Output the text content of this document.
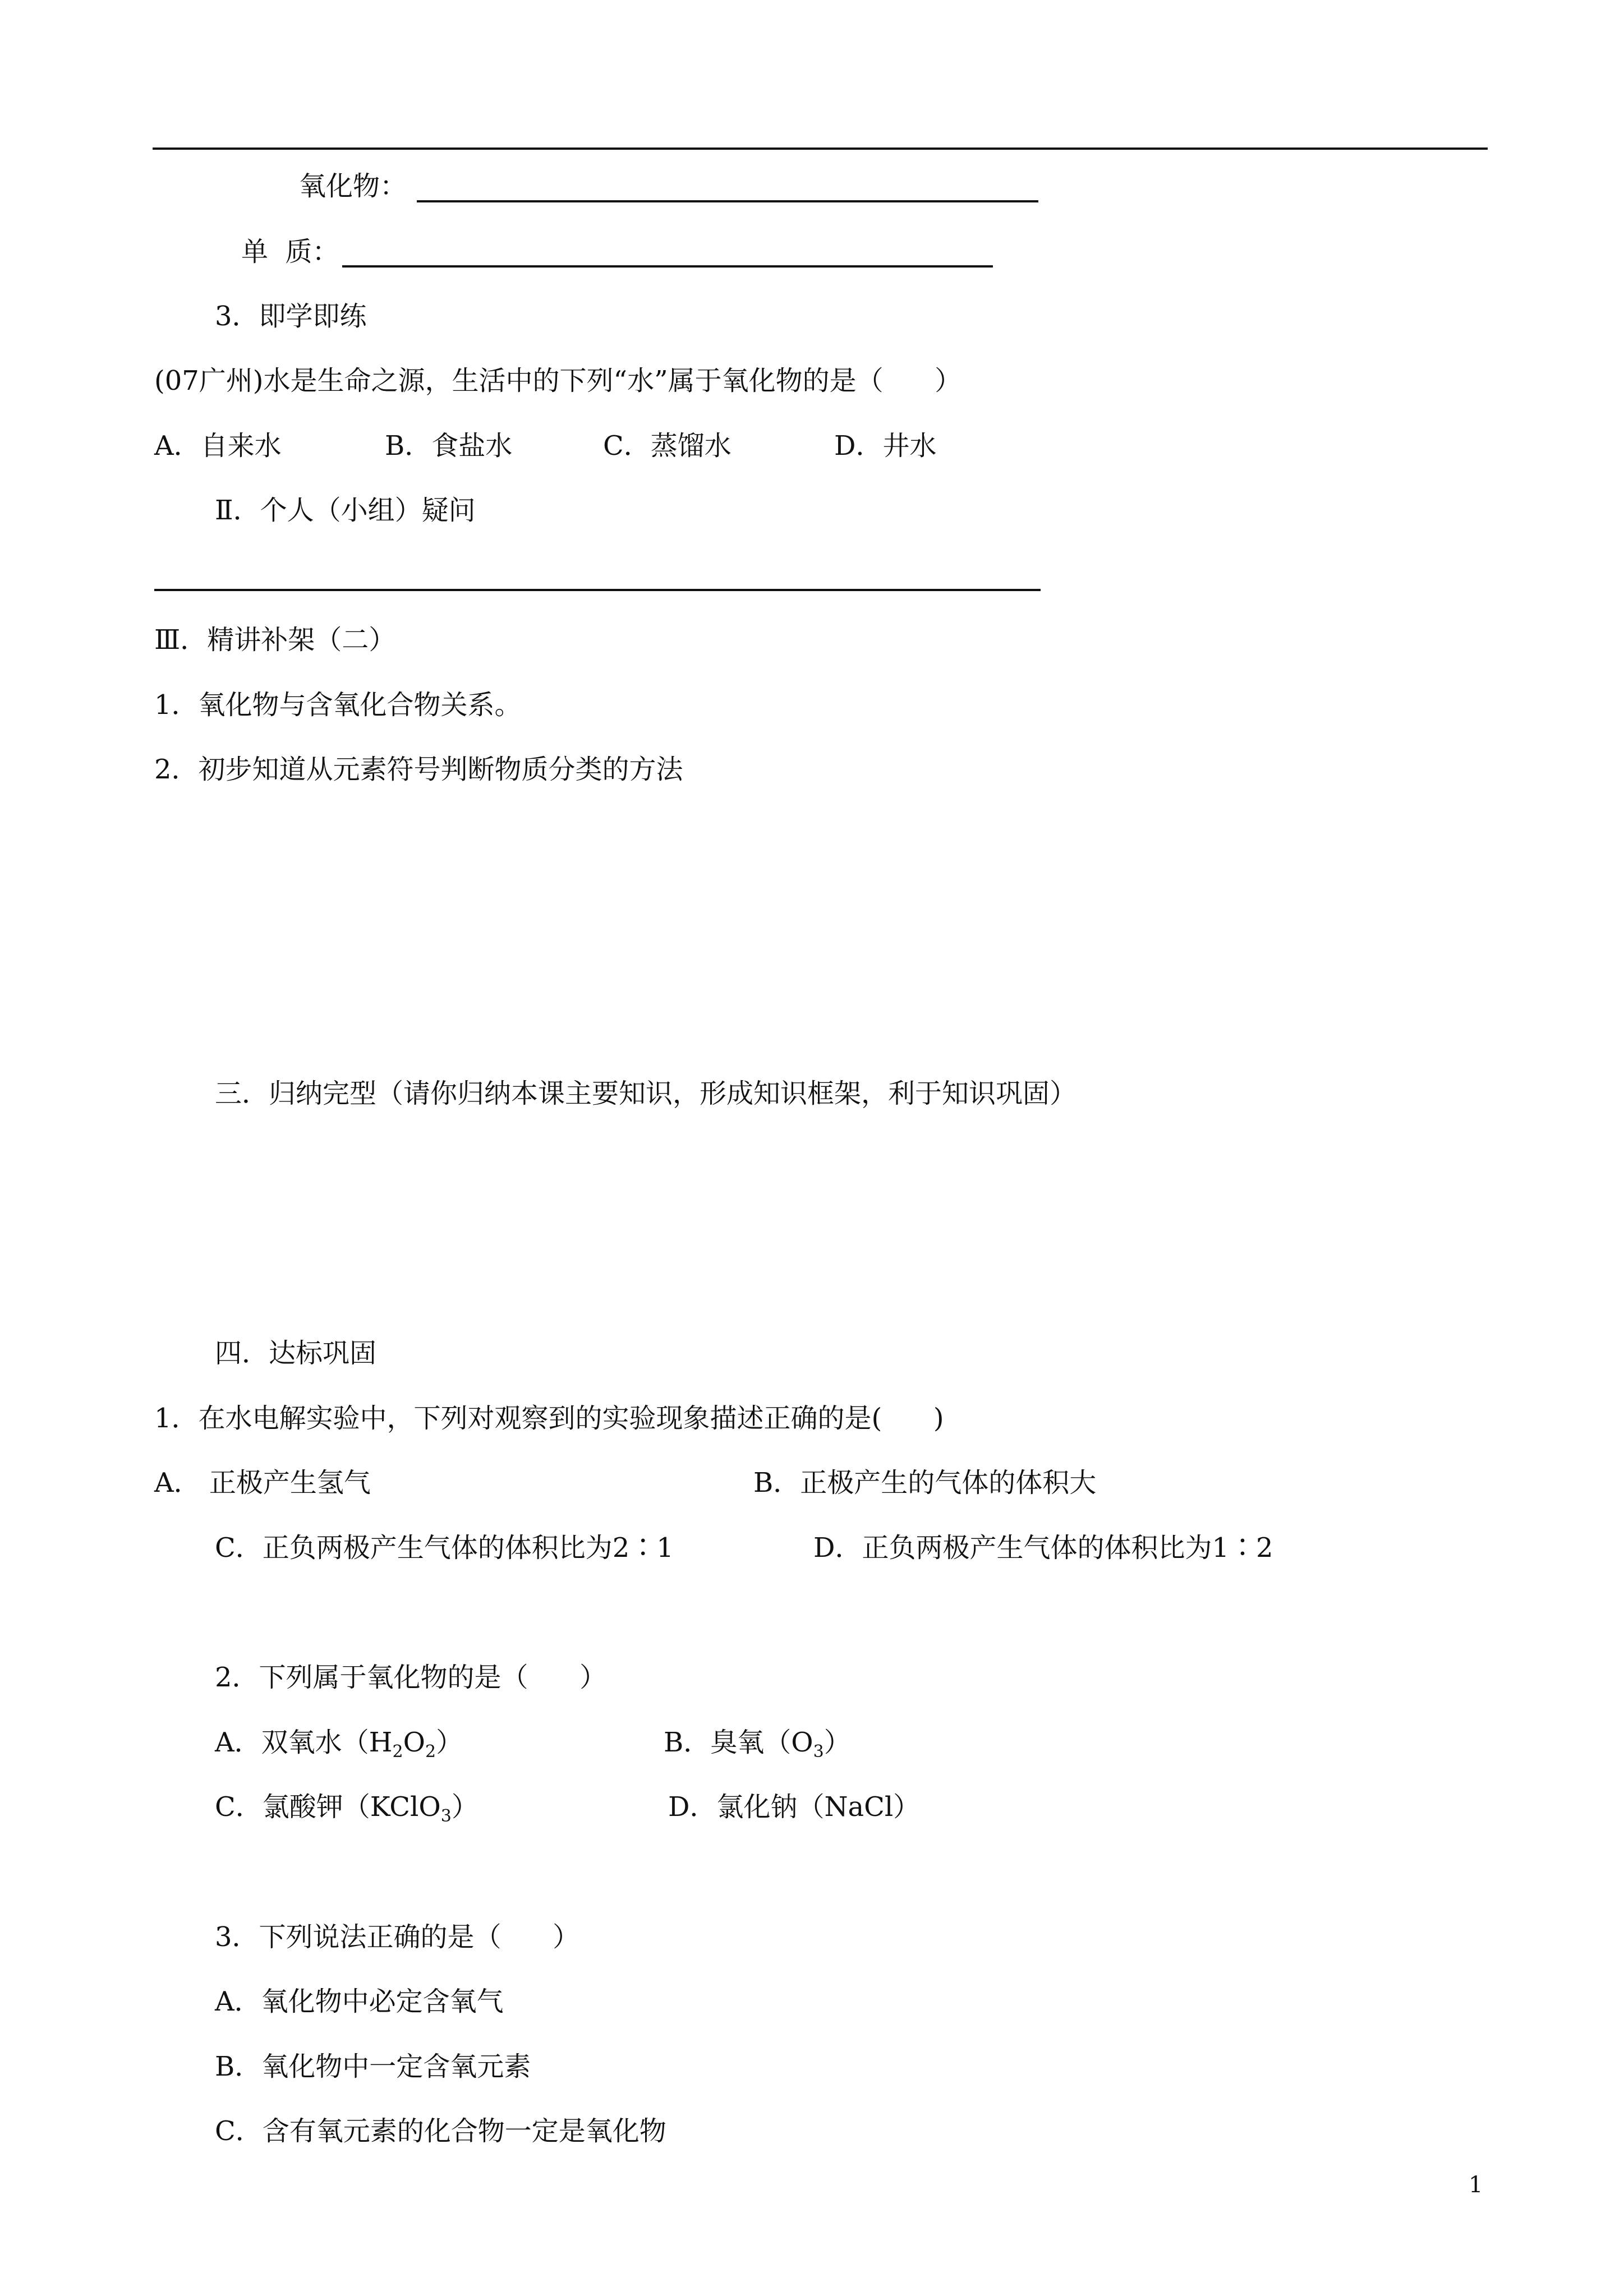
氧化物：
单  质：
3．即学即练
(07广州)水是生命之源，生活中的下列“水”属于氧化物的是（      ）
A．自来水	B．食盐水	C．蒸馏水	D．井水
Ⅱ．个人（小组）疑问
Ⅲ．精讲补架（二）
1．氧化物与含氧化合物关系。
2．初步知道从元素符号判断物质分类的方法
三．归纳完型（请你归纳本课主要知识，形成知识框架，利于知识巩固）
四．达标巩固
1．在水电解实验中，下列对观察到的实验现象描述正确的是(      )
A． 正极产生氢气	B．正极产生的气体的体积大
C．正负两极产生气体的体积比为2∶1	D．正负两极产生气体的体积比为1∶2
2．下列属于氧化物的是（      ）
A．双氧水$(H_2O_2)$	B．臭氧$(O_3)$
C．氯酸钾（KClO$_3$）	D．氯化钠（NaCl）
3．下列说法正确的是（      ）
A．氧化物中必定含氧气
B．氧化物中一定含氧元素
C．含有氧元素的化合物一定是氧化物
1
